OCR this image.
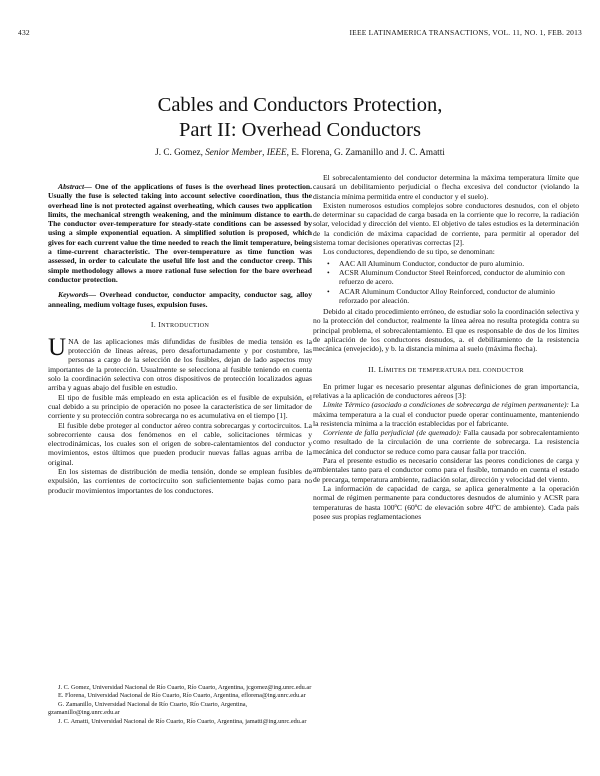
432	IEEE LATINAMERICA TRANSACTIONS, VOL. 11, NO. 1, FEB. 2013
Cables and Conductors Protection,
Part II: Overhead Conductors
J. C. Gomez, Senior Member, IEEE, E. Florena, G. Zamanillo and J. C. Amatti

Abstract— One of the applications of fuses is the overhead lines protection. Usually the fuse is selected taking into account selective coordination, thus the overhead line is not protected against overheating, which causes two application limits, the mechanical strength weakening, and the minimum distance to earth. The conductor over-temperature for steady-state conditions can be assessed by using a simple exponential equation. A simplified solution is proposed, which gives for each current value the time needed to reach the limit temperature, being a time-current characteristic. The over-temperature as time function was assessed, in order to calculate the useful life lost and the conductor creep. This simple methodology allows a more rational fuse selection for the bare overhead conductor protection.

Keywords— Overhead conductor, conductor ampacity, conductor sag, alloy annealing, medium voltage fuses, expulsion fuses.

I. INTRODUCTION

UNA de las aplicaciones más difundidas de fusibles de media tensión es la protección de líneas aéreas, pero desafortunadamente y por costumbre, las personas a cargo de la selección de los fusibles, dejan de lado aspectos muy importantes de la protección. Usualmente se selecciona al fusible teniendo en cuenta solo la coordinación selectiva con otros dispositivos de protección localizados aguas arriba y aguas abajo del fusible en estudio.

El tipo de fusible más empleado en esta aplicación es el fusible de expulsión, el cual debido a su principio de operación no posee la característica de ser limitador de corriente y su protección contra sobrecarga no es acumulativa en el tiempo [1].

El fusible debe proteger al conductor aéreo contra sobrecargas y cortocircuitos. La sobrecorriente causa dos fenómenos en el cable, solicitaciones térmicas y electrodinámicas, los cuales son el origen de sobre-calentamientos del conductor y movimientos, estos últimos que pueden producir nuevas fallas aguas arriba de la original.

En los sistemas de distribución de media tensión, donde se emplean fusibles de expulsión, las corrientes de cortocircuito son suficientemente bajas como para no producir movimientos importantes de los conductores.

J. C. Gomez, Universidad Nacional de Río Cuarto, Río Cuarto, Argentina, jcgomez@ing.unrc.edu.ar

E. Florena, Universidad Nacional de Río Cuarto, Río Cuarto, Argentina, eflorena@ing.unrc.edu.ar

G. Zamanillo, Universidad Nacional de Río Cuarto, Río Cuarto, Argentina, gzamanillo@ing.unrc.edu.ar

J. C. Amatti, Universidad Nacional de Río Cuarto, Río Cuarto, Argentina, jamatti@ing.unrc.edu.ar

El sobrecalentamiento del conductor determina la máxima temperatura límite que causará un debilitamiento perjudicial o flecha excesiva del conductor (violando la distancia mínima permitida entre el conductor y el suelo).

Existen numerosos estudios complejos sobre conductores desnudos, con el objeto de determinar su capacidad de carga basada en la corriente que lo recorre, la radiación solar, velocidad y dirección del viento. El objetivo de tales estudios es la determinación de la condición de máxima capacidad de corriente, para permitir al operador del sistema tomar decisiones operativas correctas [2].

Los conductores, dependiendo de su tipo, se denominan:

• AAC All Aluminum Conductor, conductor de puro aluminio.
• ACSR Aluminum Conductor Steel Reinforced, conductor de aluminio con refuerzo de acero.
• ACAR Aluminum Conductor Alloy Reinforced, conductor de aluminio reforzado por aleación.

Debido al citado procedimiento erróneo, de estudiar solo la coordinación selectiva y no la protección del conductor, realmente la línea aérea no resulta protegida contra su principal problema, el sobrecalentamiento. El que es responsable de dos de los límites de aplicación de los conductores desnudos, a. el debilitamiento de la resistencia mecánica (envejecido), y b. la distancia mínima al suelo (máxima flecha).

II. LÍMITES DE TEMPERATURA DEL CONDUCTOR

En primer lugar es necesario presentar algunas definiciones de gran importancia, relativas a la aplicación de conductores aéreos [3]:

Límite Térmico (asociado a condiciones de sobrecarga de régimen permanente): La máxima temperatura a la cual el conductor puede operar continuamente, manteniendo la resistencia mínima a la tracción establecidas por el fabricante.

Corriente de falla perjudicial (de quemado): Falla causada por sobrecalentamiento como resultado de la circulación de una corriente de sobrecarga. La resistencia mecánica del conductor se reduce como para causar falla por tracción.

Para el presente estudio es necesario considerar las peores condiciones de carga y ambientales tanto para el conductor como para el fusible, tomando en cuenta el estado de precarga, temperatura ambiente, radiación solar, dirección y velocidad del viento.

La información de capacidad de carga, se aplica generalmente a la operación normal de régimen permanente para conductores desnudos de aluminio y ACSR para temperaturas de hasta 100ºC (60ºC de elevación sobre 40ºC de ambiente). Cada país posee sus propias reglamentaciones
